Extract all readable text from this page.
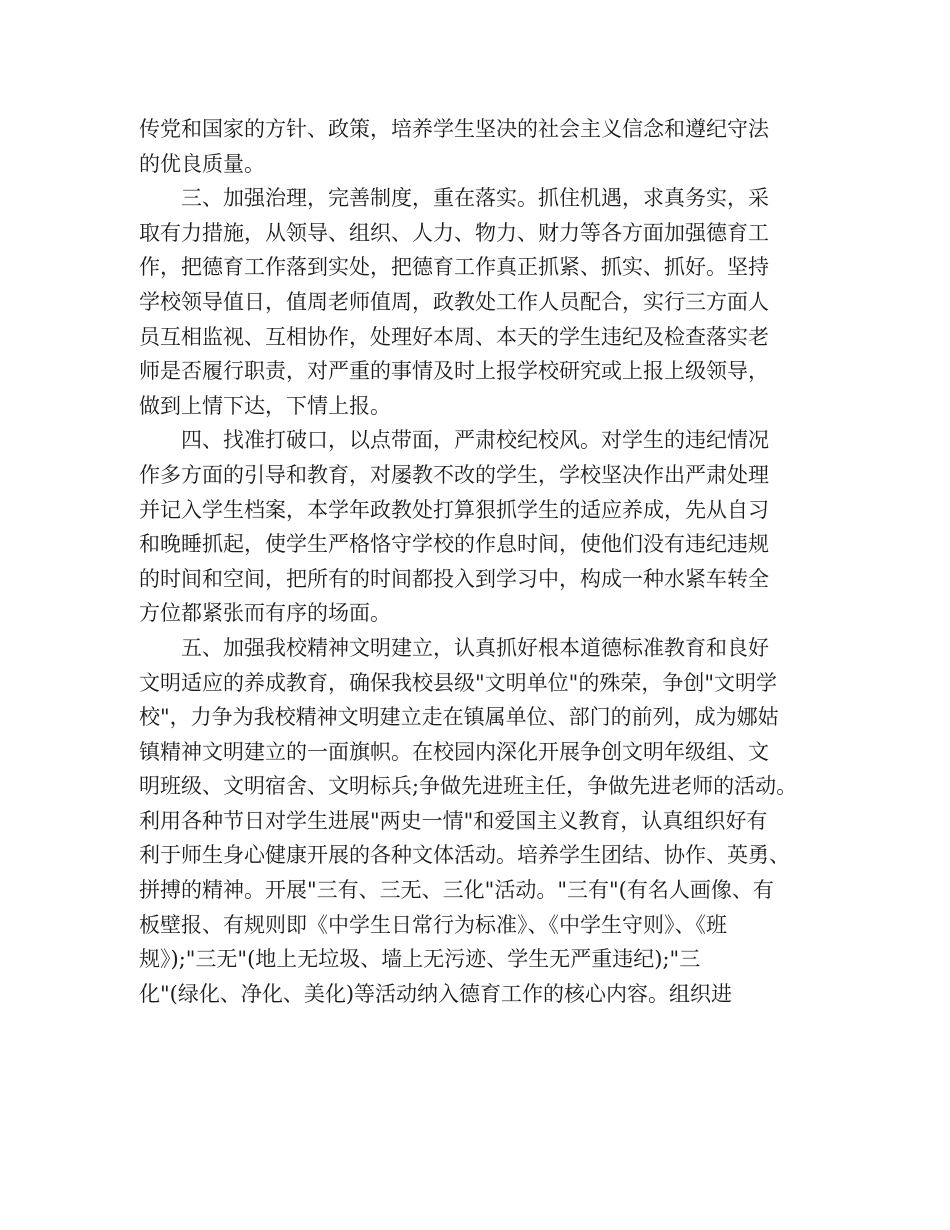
传党和国家的方针、政策，培养学生坚决的社会主义信念和遵纪守法
的优良质量。
　　三、加强治理，完善制度，重在落实。抓住机遇，求真务实，采
取有力措施，从领导、组织、人力、物力、财力等各方面加强德育工
作，把德育工作落到实处，把德育工作真正抓紧、抓实、抓好。坚持
学校领导值日，值周老师值周，政教处工作人员配合，实行三方面人
员互相监视、互相协作，处理好本周、本天的学生违纪及检查落实老
师是否履行职责，对严重的事情及时上报学校研究或上报上级领导，
做到上情下达，下情上报。
　　四、找准打破口，以点带面，严肃校纪校风。对学生的违纪情况
作多方面的引导和教育，对屡教不改的学生，学校坚决作出严肃处理
并记入学生档案，本学年政教处打算狠抓学生的适应养成，先从自习
和晚睡抓起，使学生严格恪守学校的作息时间，使他们没有违纪违规
的时间和空间，把所有的时间都投入到学习中，构成一种水紧车转全
方位都紧张而有序的场面。
　　五、加强我校精神文明建立，认真抓好根本道德标准教育和良好
文明适应的养成教育，确保我校县级"文明单位"的殊荣，争创"文明学
校"，力争为我校精神文明建立走在镇属单位、部门的前列，成为娜姑
镇精神文明建立的一面旗帜。在校园内深化开展争创文明年级组、文
明班级、文明宿舍、文明标兵;争做先进班主任，争做先进老师的活动。
利用各种节日对学生进展"两史一情"和爱国主义教育，认真组织好有
利于师生身心健康开展的各种文体活动。培养学生团结、协作、英勇、
拼搏的精神。开展"三有、三无、三化"活动。"三有"(有名人画像、有
板壁报、有规则即《中学生日常行为标准》、《中学生守则》、《班
规》);"三无"(地上无垃圾、墙上无污迹、学生无严重违纪);"三
化"(绿化、净化、美化)等活动纳入德育工作的核心内容。组织进
